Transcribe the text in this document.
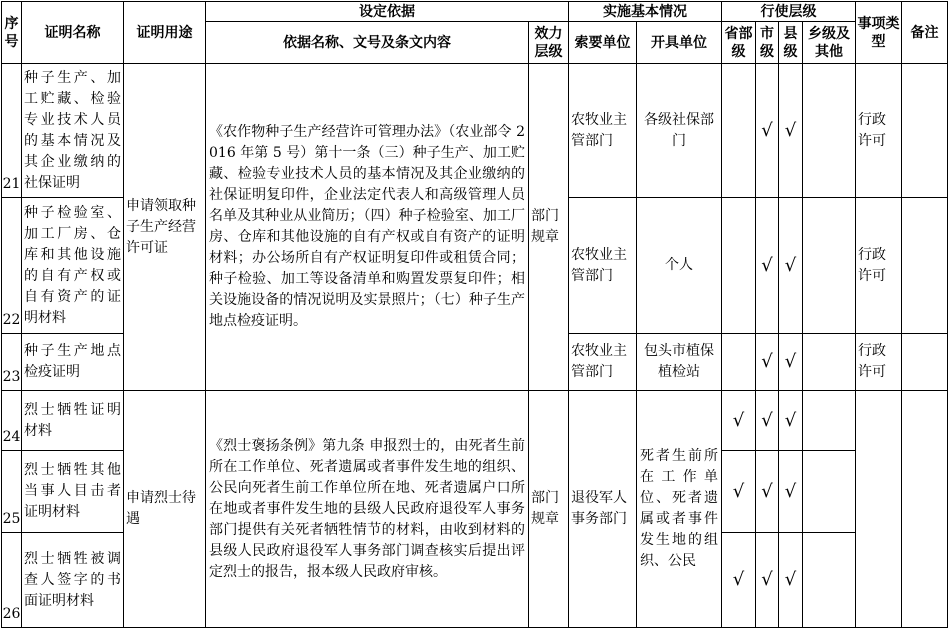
序号	证明名称	证明用途	设定依据		实施基本情况		行使层级				事项类型	备注
			依据名称、文号及条文内容	效力层级	索要单位	开具单位	省部级	市级	县级	乡级及其他		
21	种子生产、加工贮藏、检验专业技术人员的基本情况及其企业缴纳的社保证明	申请领取种子生产经营许可证	《农作物种子生产经营许可管理办法》（农业部令 2016 年第 5 号）第十一条（三）种子生产、加工贮藏、检验专业技术人员的基本情况及其企业缴纳的社保证明复印件，企业法定代表人和高级管理人员名单及其种业从业简历；（四）种子检验室、加工厂房、仓库和其他设施的自有产权或自有资产的证明材料；办公场所自有产权证明复印件或租赁合同；种子检验、加工等设备清单和购置发票复印件；相关设施设备的情况说明及实景照片；（七）种子生产地点检疫证明。	部门规章	农牧业主管部门	各级社保部门		√	√		行政许可	
22	种子检验室、加工厂房、仓库和其他设施的自有产权或自有资产的证明材料				农牧业主管部门	个人		√	√		行政许可	
23	种子生产地点检疫证明				农牧业主管部门	包头市植保植检站		√	√		行政许可	
24	烈士牺牲证明材料	申请烈士待遇	《烈士褒扬条例》第九条 申报烈士的，由死者生前所在工作单位、死者遗属或者事件发生地的组织、公民向死者生前工作单位所在地、死者遗属户口所在地或者事件发生地的县级人民政府退役军人事务部门提供有关死者牺牲情节的材料，由收到材料的县级人民政府退役军人事务部门调查核实后提出评定烈士的报告，报本级人民政府审核。	部门规章	退役军人事务部门	死者生前所在工作单位、死者遗属或者事件发生地的组织、公民	√	√	√			
25	烈士牺牲其他当事人目击者证明材料						√	√	√			
26	烈士牺牲被调查人签字的书面证明材料						√	√	√			
